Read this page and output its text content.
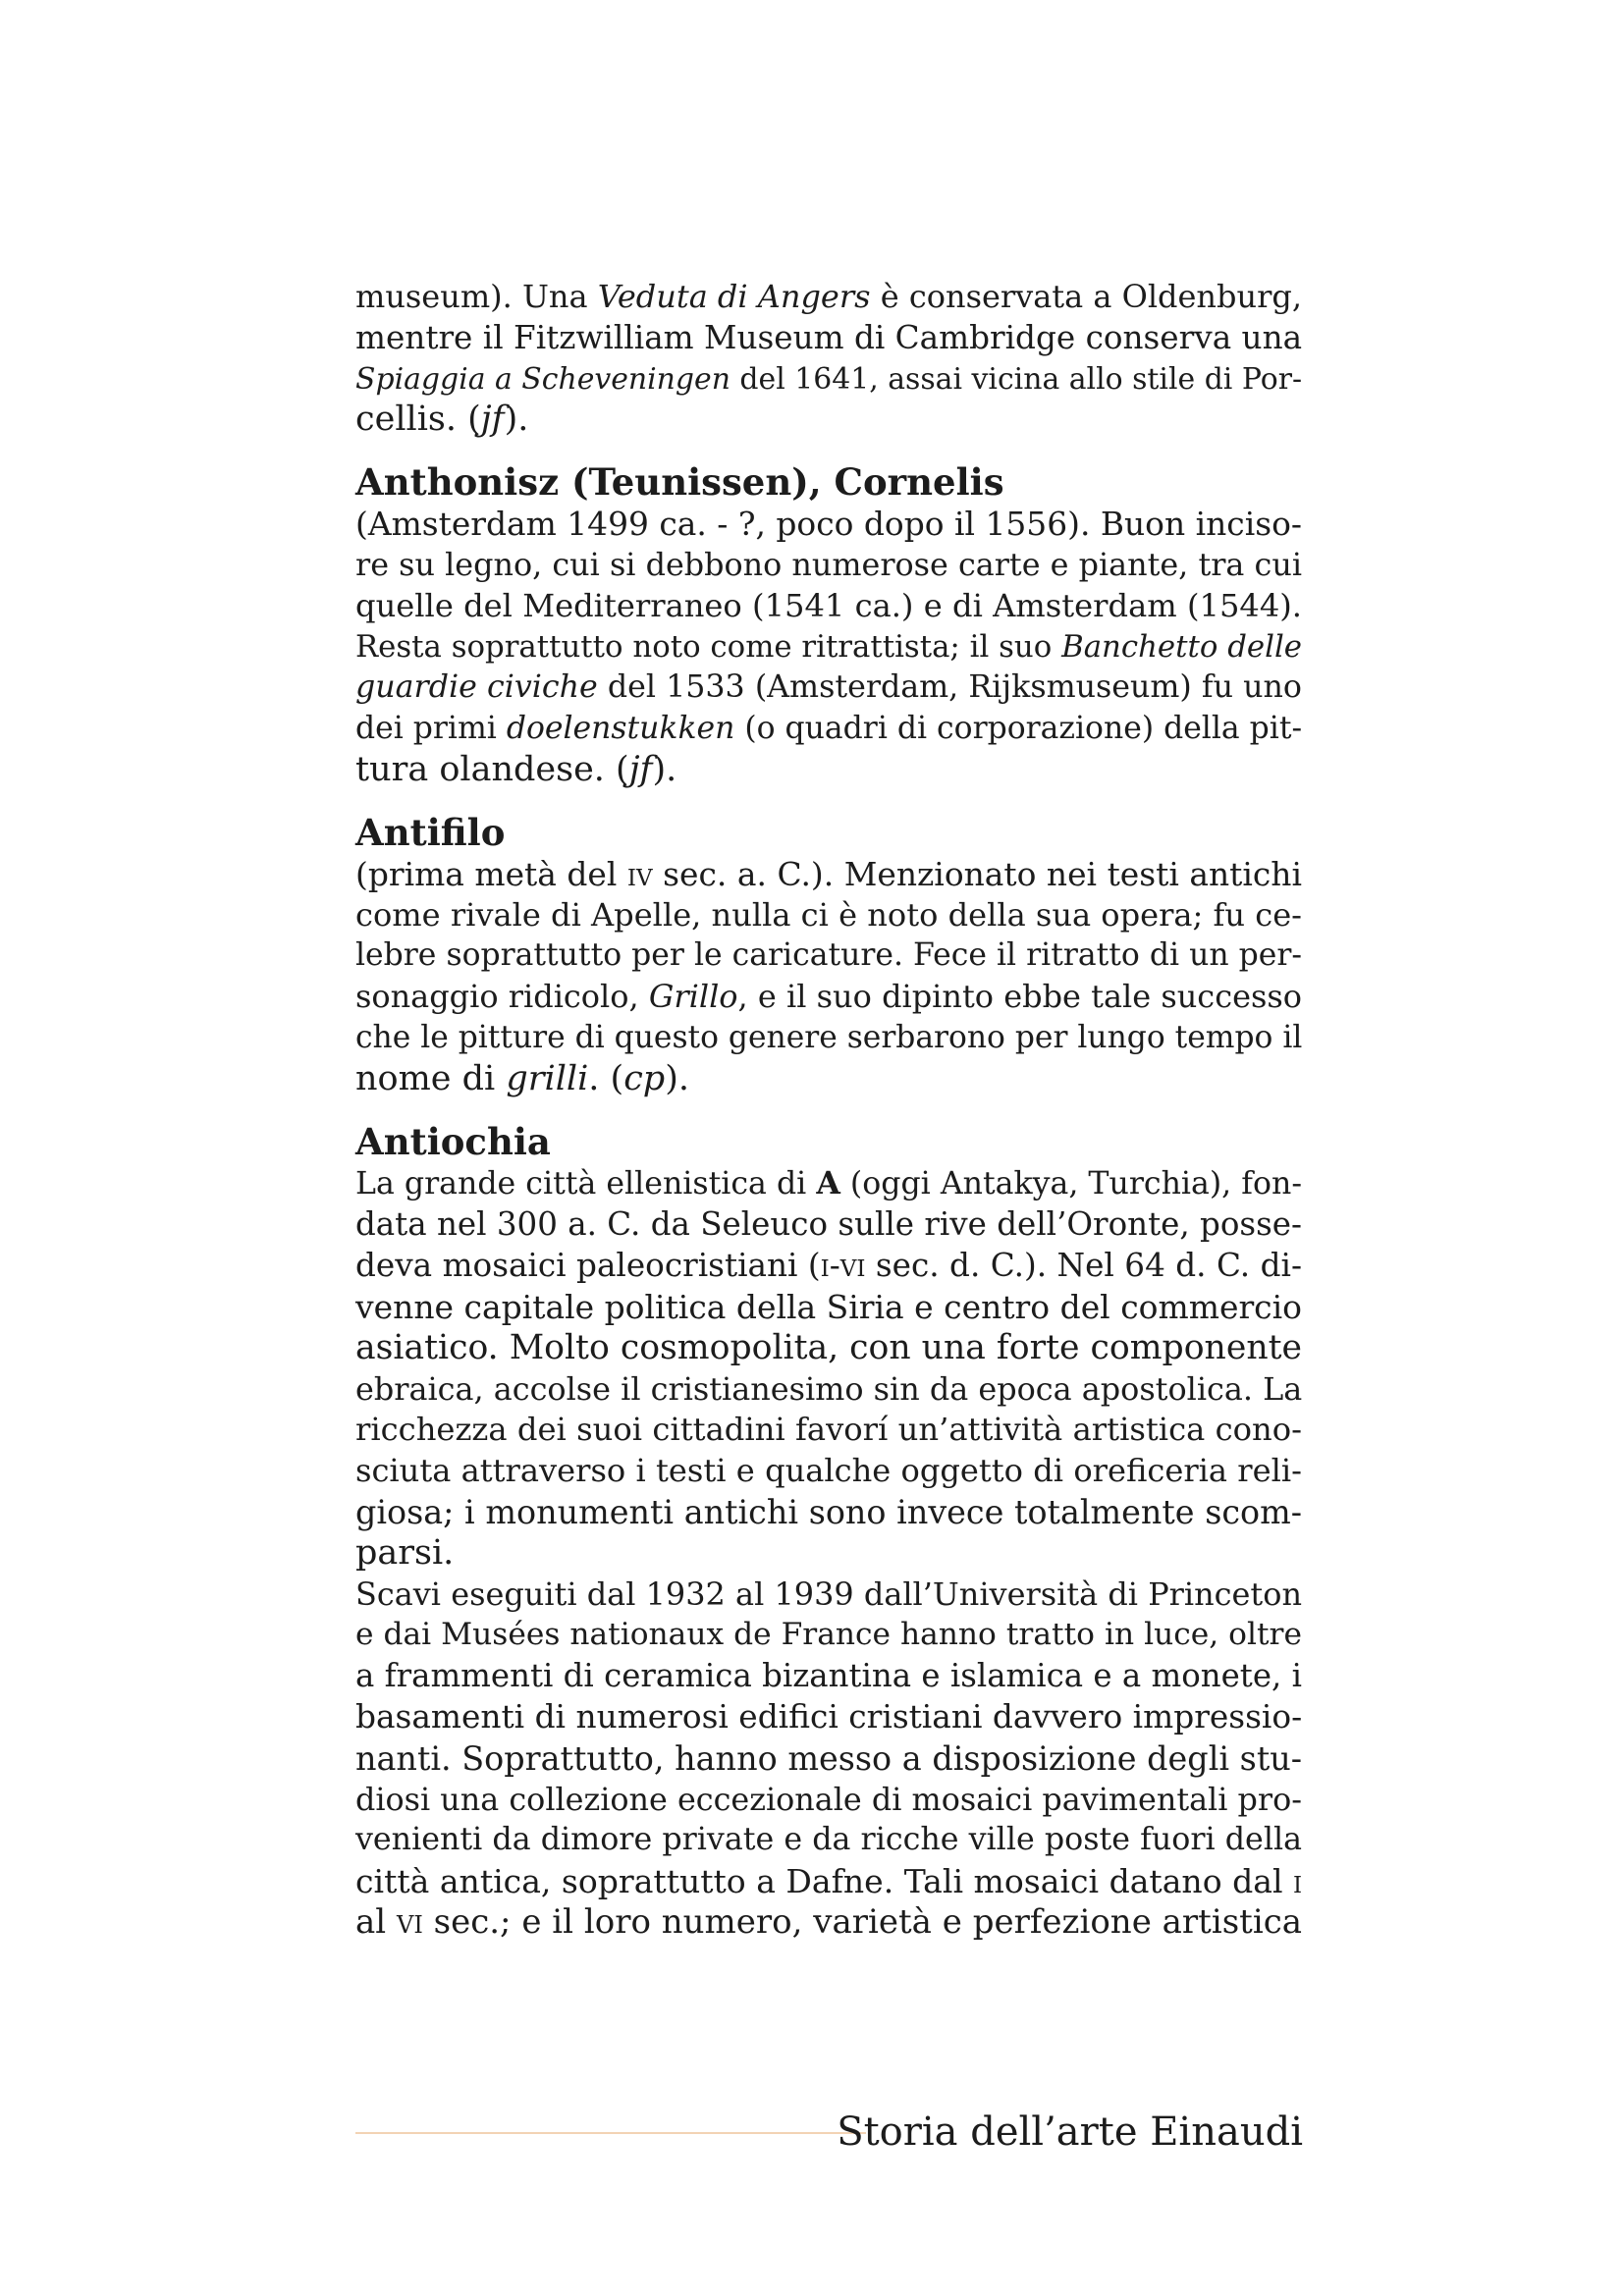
museum). Una Veduta di Angers è conservata a Oldenburg,
mentre il Fitzwilliam Museum di Cambridge conserva una
Spiaggia a Scheveningen del 1641, assai vicina allo stile di Por-
cellis. (jf).
Anthonisz (Teunissen), Cornelis
(Amsterdam 1499 ca. - ?, poco dopo il 1556). Buon inciso-
re su legno, cui si debbono numerose carte e piante, tra cui
quelle del Mediterraneo (1541 ca.) e di Amsterdam (1544).
Resta soprattutto noto come ritrattista; il suo Banchetto delle
guardie civiche del 1533 (Amsterdam, Rijksmuseum) fu uno
dei primi doelenstukken (o quadri di corporazione) della pit-
tura olandese. (jf).
Antifilo
(prima metà del iv sec. a. C.). Menzionato nei testi antichi
come rivale di Apelle, nulla ci è noto della sua opera; fu ce-
lebre soprattutto per le caricature. Fece il ritratto di un per-
sonaggio ridicolo, Grillo, e il suo dipinto ebbe tale successo
che le pitture di questo genere serbarono per lungo tempo il
nome di grilli. (cp).
Antiochia
La grande città ellenistica di A (oggi Antakya, Turchia), fon-
data nel 300 a. C. da Seleuco sulle rive dell’Oronte, posse-
deva mosaici paleocristiani (i-vi sec. d. C.). Nel 64 d. C. di-
venne capitale politica della Siria e centro del commercio
asiatico. Molto cosmopolita, con una forte componente
ebraica, accolse il cristianesimo sin da epoca apostolica. La
ricchezza dei suoi cittadini favorí un’attività artistica cono-
sciuta attraverso i testi e qualche oggetto di oreficeria reli-
giosa; i monumenti antichi sono invece totalmente scom-
parsi.
Scavi eseguiti dal 1932 al 1939 dall’Università di Princeton
e dai Musées nationaux de France hanno tratto in luce, oltre
a frammenti di ceramica bizantina e islamica e a monete, i
basamenti di numerosi edifici cristiani davvero impressio-
nanti. Soprattutto, hanno messo a disposizione degli stu-
diosi una collezione eccezionale di mosaici pavimentali pro-
venienti da dimore private e da ricche ville poste fuori della
città antica, soprattutto a Dafne. Tali mosaici datano dal i
al vi sec.; e il loro numero, varietà e perfezione artistica
Storia dell’arte Einaudi
